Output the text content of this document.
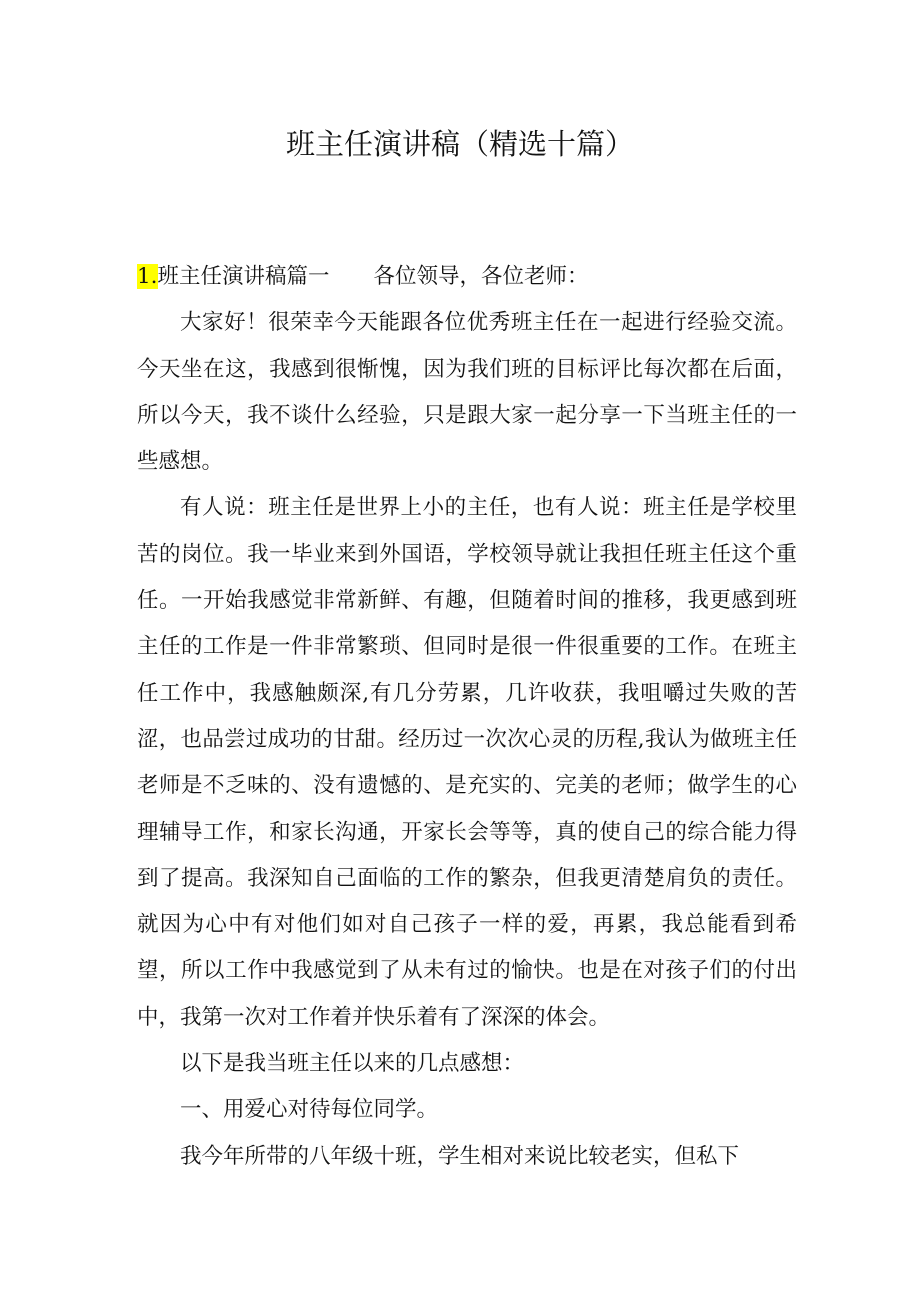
班主任演讲稿（精选十篇）
1.班主任演讲稿篇一 各位领导，各位老师：

大家好！很荣幸今天能跟各位优秀班主任在一起进行经验交流。今天坐在这，我感到很惭愧，因为我们班的目标评比每次都在后面，所以今天，我不谈什么经验，只是跟大家一起分享一下当班主任的一些感想。

有人说：班主任是世界上小的主任，也有人说：班主任是学校里苦的岗位。我一毕业来到外国语，学校领导就让我担任班主任这个重任。一开始我感觉非常新鲜、有趣，但随着时间的推移，我更感到班主任的工作是一件非常繁琐、但同时是很一件很重要的工作。在班主任工作中，我感触颇深,有几分劳累，几许收获，我咀嚼过失败的苦涩，也品尝过成功的甘甜。经历过一次次心灵的历程,我认为做班主任老师是不乏味的、没有遗憾的、是充实的、完美的老师；做学生的心理辅导工作，和家长沟通，开家长会等等，真的使自己的综合能力得到了提高。我深知自己面临的工作的繁杂，但我更清楚肩负的责任。就因为心中有对他们如对自己孩子一样的爱，再累，我总能看到希望，所以工作中我感觉到了从未有过的愉快。也是在对孩子们的付出中，我第一次对工作着并快乐着有了深深的体会。

以下是我当班主任以来的几点感想：

一、用爱心对待每位同学。

我今年所带的八年级十班，学生相对来说比较老实，但私下
